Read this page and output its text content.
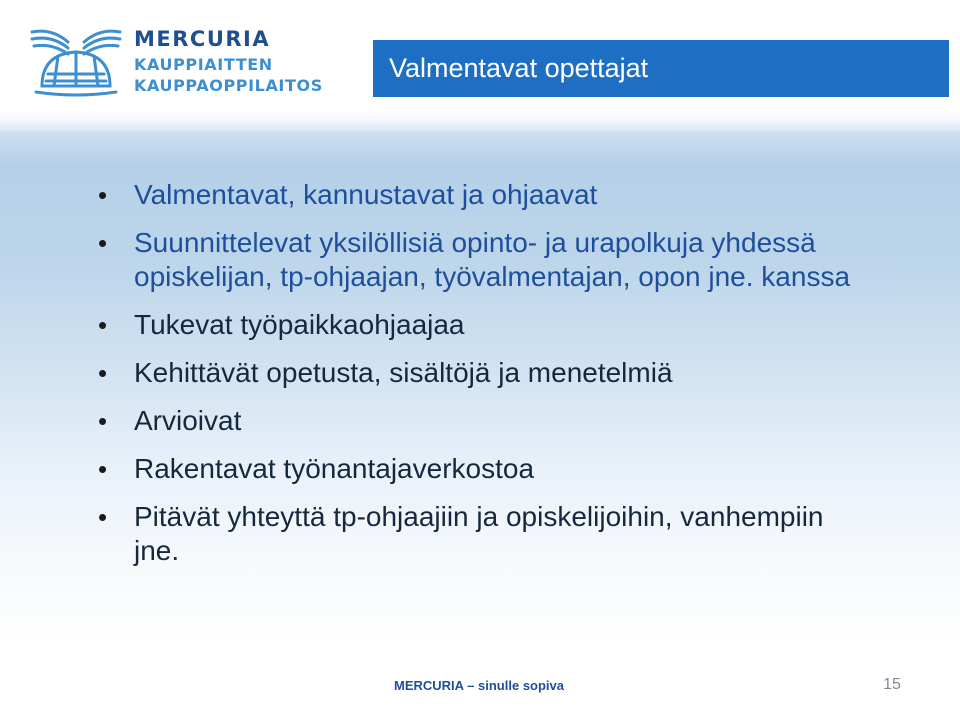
MERCURIA
KAUPPIAITTEN
KAUPPAOPPILAITOS
Valmentavat opettajat
• Valmentavat, kannustavat ja ohjaavat
• Suunnittelevat yksilöllisiä opinto- ja urapolkuja yhdessä opiskelijan, tp-ohjaajan, työvalmentajan, opon jne. kanssa
• Tukevat työpaikkaohjaajaa
• Kehittävät opetusta, sisältöjä ja menetelmiä
• Arvioivat
• Rakentavat työnantajaverkostoa
• Pitävät yhteyttä tp-ohjaajiin ja opiskelijoihin, vanhempiin jne.
MERCURIA – sinulle sopiva	15
